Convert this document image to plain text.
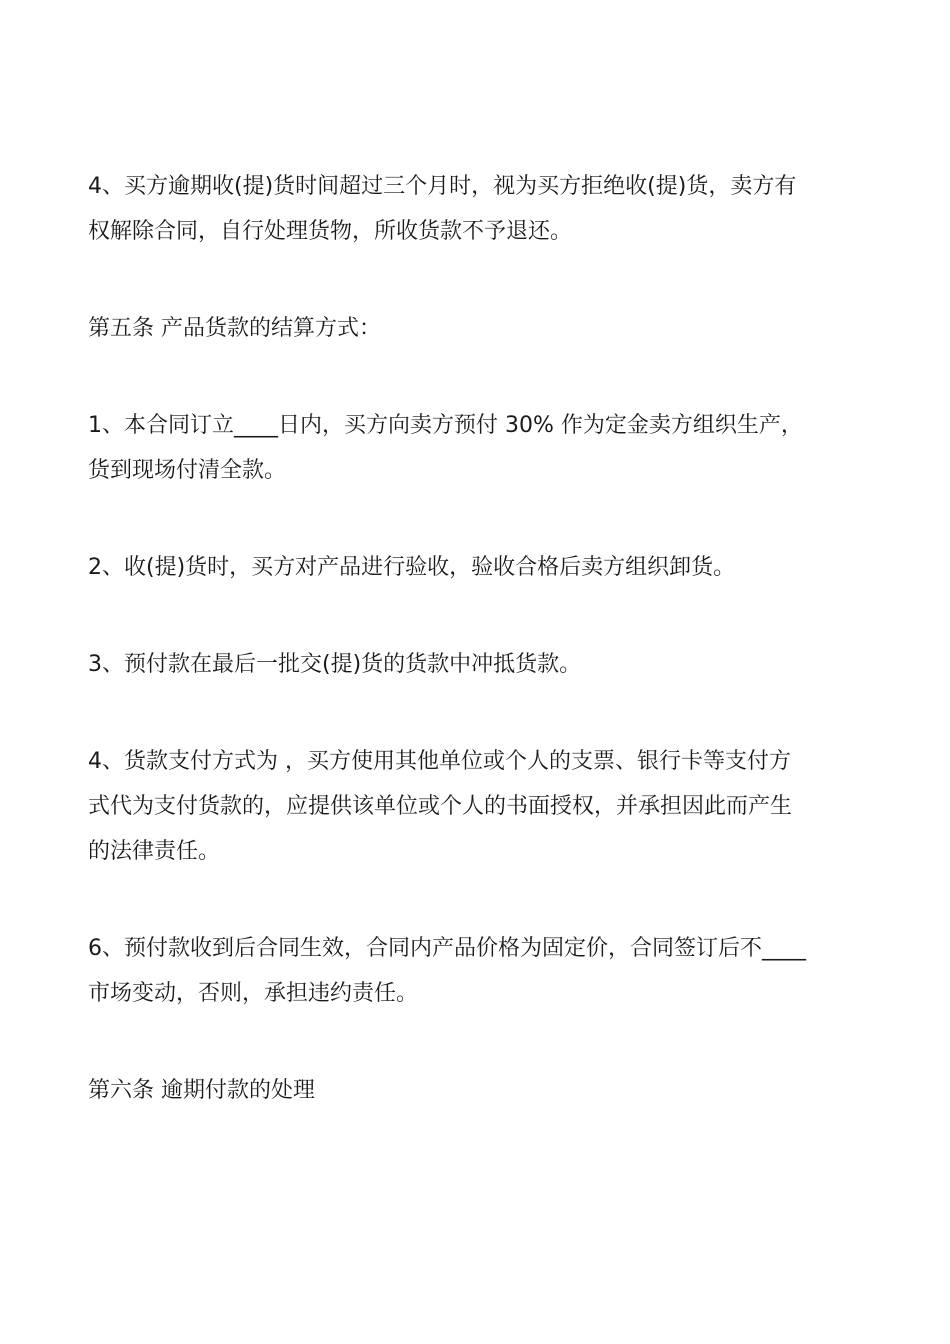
4、买方逾期收(提)货时间超过三个月时，视为买方拒绝收(提)货，卖方有
权解除合同，自行处理货物，所收货款不予退还。

第五条 产品货款的结算方式：

1、本合同订立____日内，买方向卖方预付 30% 作为定金卖方组织生产，
货到现场付清全款。

2、收(提)货时，买方对产品进行验收，验收合格后卖方组织卸货。

3、预付款在最后一批交(提)货的货款中冲抵货款。

4、货款支付方式为 ，买方使用其他单位或个人的支票、银行卡等支付方
式代为支付货款的，应提供该单位或个人的书面授权，并承担因此而产生
的法律责任。

6、预付款收到后合同生效，合同内产品价格为固定价，合同签订后不____
市场变动，否则，承担违约责任。

第六条 逾期付款的处理
